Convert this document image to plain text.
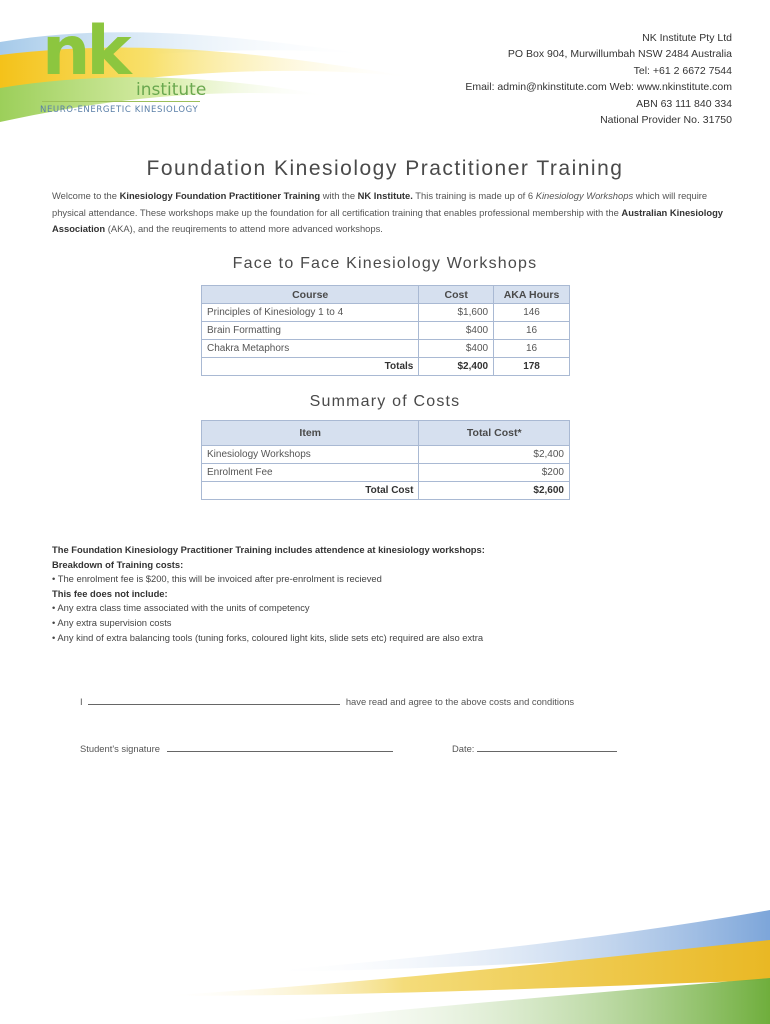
nk institute
NEURO-ENERGETIC KINESIOLOGY
NK Institute Pty Ltd
PO Box 904, Murwillumbah NSW 2484 Australia
Tel: +61 2 6672 7544
Email: admin@nkinstitute.com Web: www.nkinstitute.com
ABN 63 111 840 334
National Provider No. 31750
Foundation Kinesiology Practitioner Training
Welcome to the Kinesiology Foundation Practitioner Training with the NK Institute. This training is made up of 6 Kinesiology Workshops which will require physical attendance. These workshops make up the foundation for all certification training that enables professional membership with the Australian Kinesiology Association (AKA), and the reuqirements to attend more advanced workshops.
Face to Face Kinesiology Workshops
Course	Cost	AKA Hours
Principles of Kinesiology 1 to 4	$1,600	146
Brain Formatting	$400	16
Chakra Metaphors	$400	16
Totals	$2,400	178
Summary of Costs
Item	Total Cost*
Kinesiology Workshops	$2,400
Enrolment Fee	$200
Total Cost	$2,600
The Foundation Kinesiology Practitioner Training includes attendence at kinesiology workshops:
Breakdown of Training costs:
• The enrolment fee is $200, this will be invoiced after pre-enrolment is recieved
This fee does not include:
• Any extra class time associated with the units of competency
• Any extra supervision costs
• Any kind of extra balancing tools (tuning forks, coloured light kits, slide sets etc) required are also extra
I	have read and agree to the above costs and conditions
Student's signature	Date:
